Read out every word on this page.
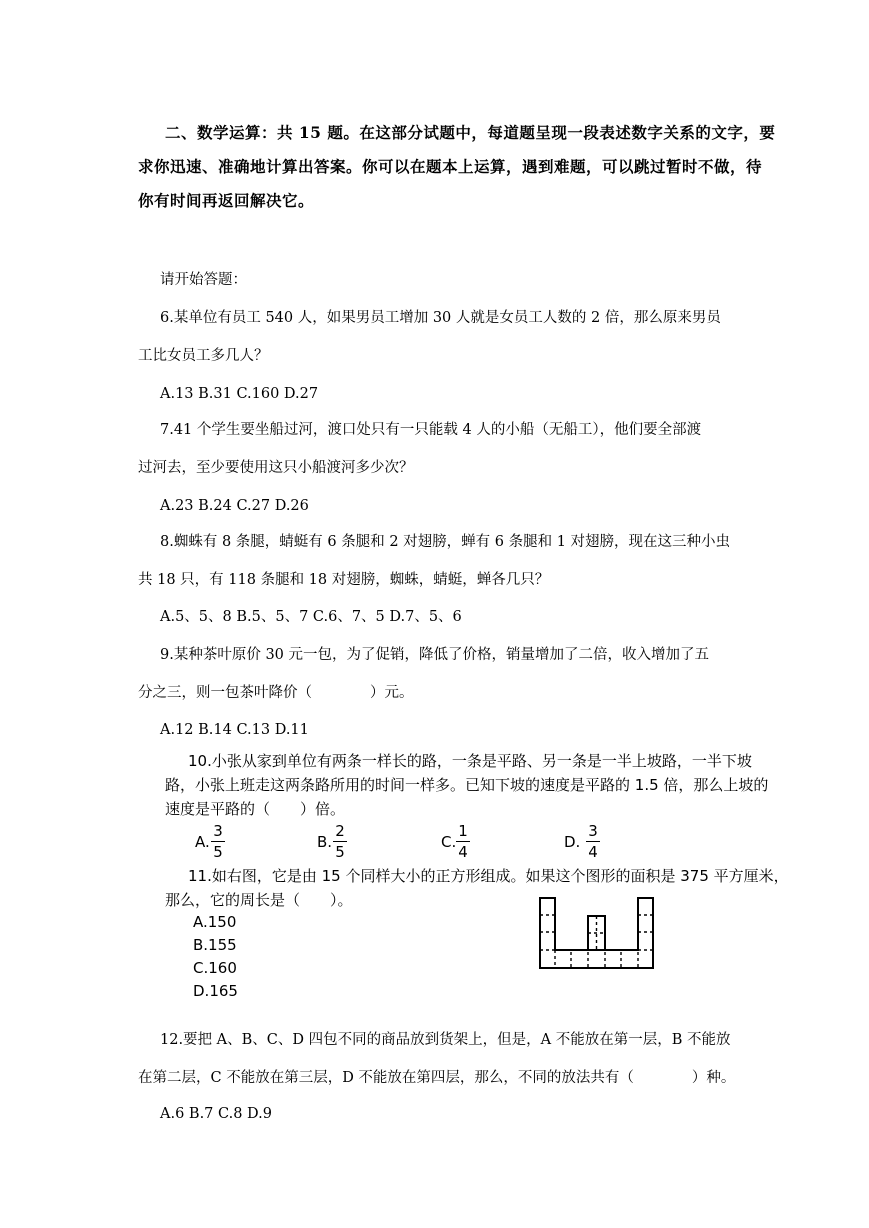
二、数学运算：共 15 题。在这部分试题中，每道题呈现一段表述数字关系的文字，要
求你迅速、准确地计算出答案。你可以在题本上运算，遇到难题，可以跳过暂时不做，待
你有时间再返回解决它。
请开始答题：
6.某单位有员工 540 人，如果男员工增加 30 人就是女员工人数的 2 倍，那么原来男员
工比女员工多几人？
A.13 B.31 C.160 D.27
7.41 个学生要坐船过河，渡口处只有一只能载 4 人的小船（无船工），他们要全部渡
过河去，至少要使用这只小船渡河多少次？
A.23 B.24 C.27 D.26
8.蜘蛛有 8 条腿，蜻蜓有 6 条腿和 2 对翅膀，蝉有 6 条腿和 1 对翅膀，现在这三种小虫
共 18 只，有 118 条腿和 18 对翅膀，蜘蛛，蜻蜓，蝉各几只？
A.5、5、8 B.5、5、7 C.6、7、5 D.7、5、6
9.某种茶叶原价 30 元一包，为了促销，降低了价格，销量增加了二倍，收入增加了五
分之三，则一包茶叶降价（　　　　）元。
A.12 B.14 C.13 D.11
10.小张从家到单位有两条一样长的路，一条是平路、另一条是一半上坡路，一半下坡
路，小张上班走这两条路所用的时间一样多。已知下坡的速度是平路的 1.5 倍，那么上坡的
速度是平路的（　　）倍。
A.
3
5
B.
2
5
C.
1
4
D.
3
4
11.如右图，它是由 15 个同样大小的正方形组成。如果这个图形的面积是 375 平方厘米，
那么，它的周长是（　　）。
A.150
B.155
C.160
D.165
12.要把 A、B、C、D 四包不同的商品放到货架上，但是，A 不能放在第一层，B 不能放
在第二层，C 不能放在第三层，D 不能放在第四层，那么，不同的放法共有（　　　　）种。
A.6 B.7 C.8 D.9
